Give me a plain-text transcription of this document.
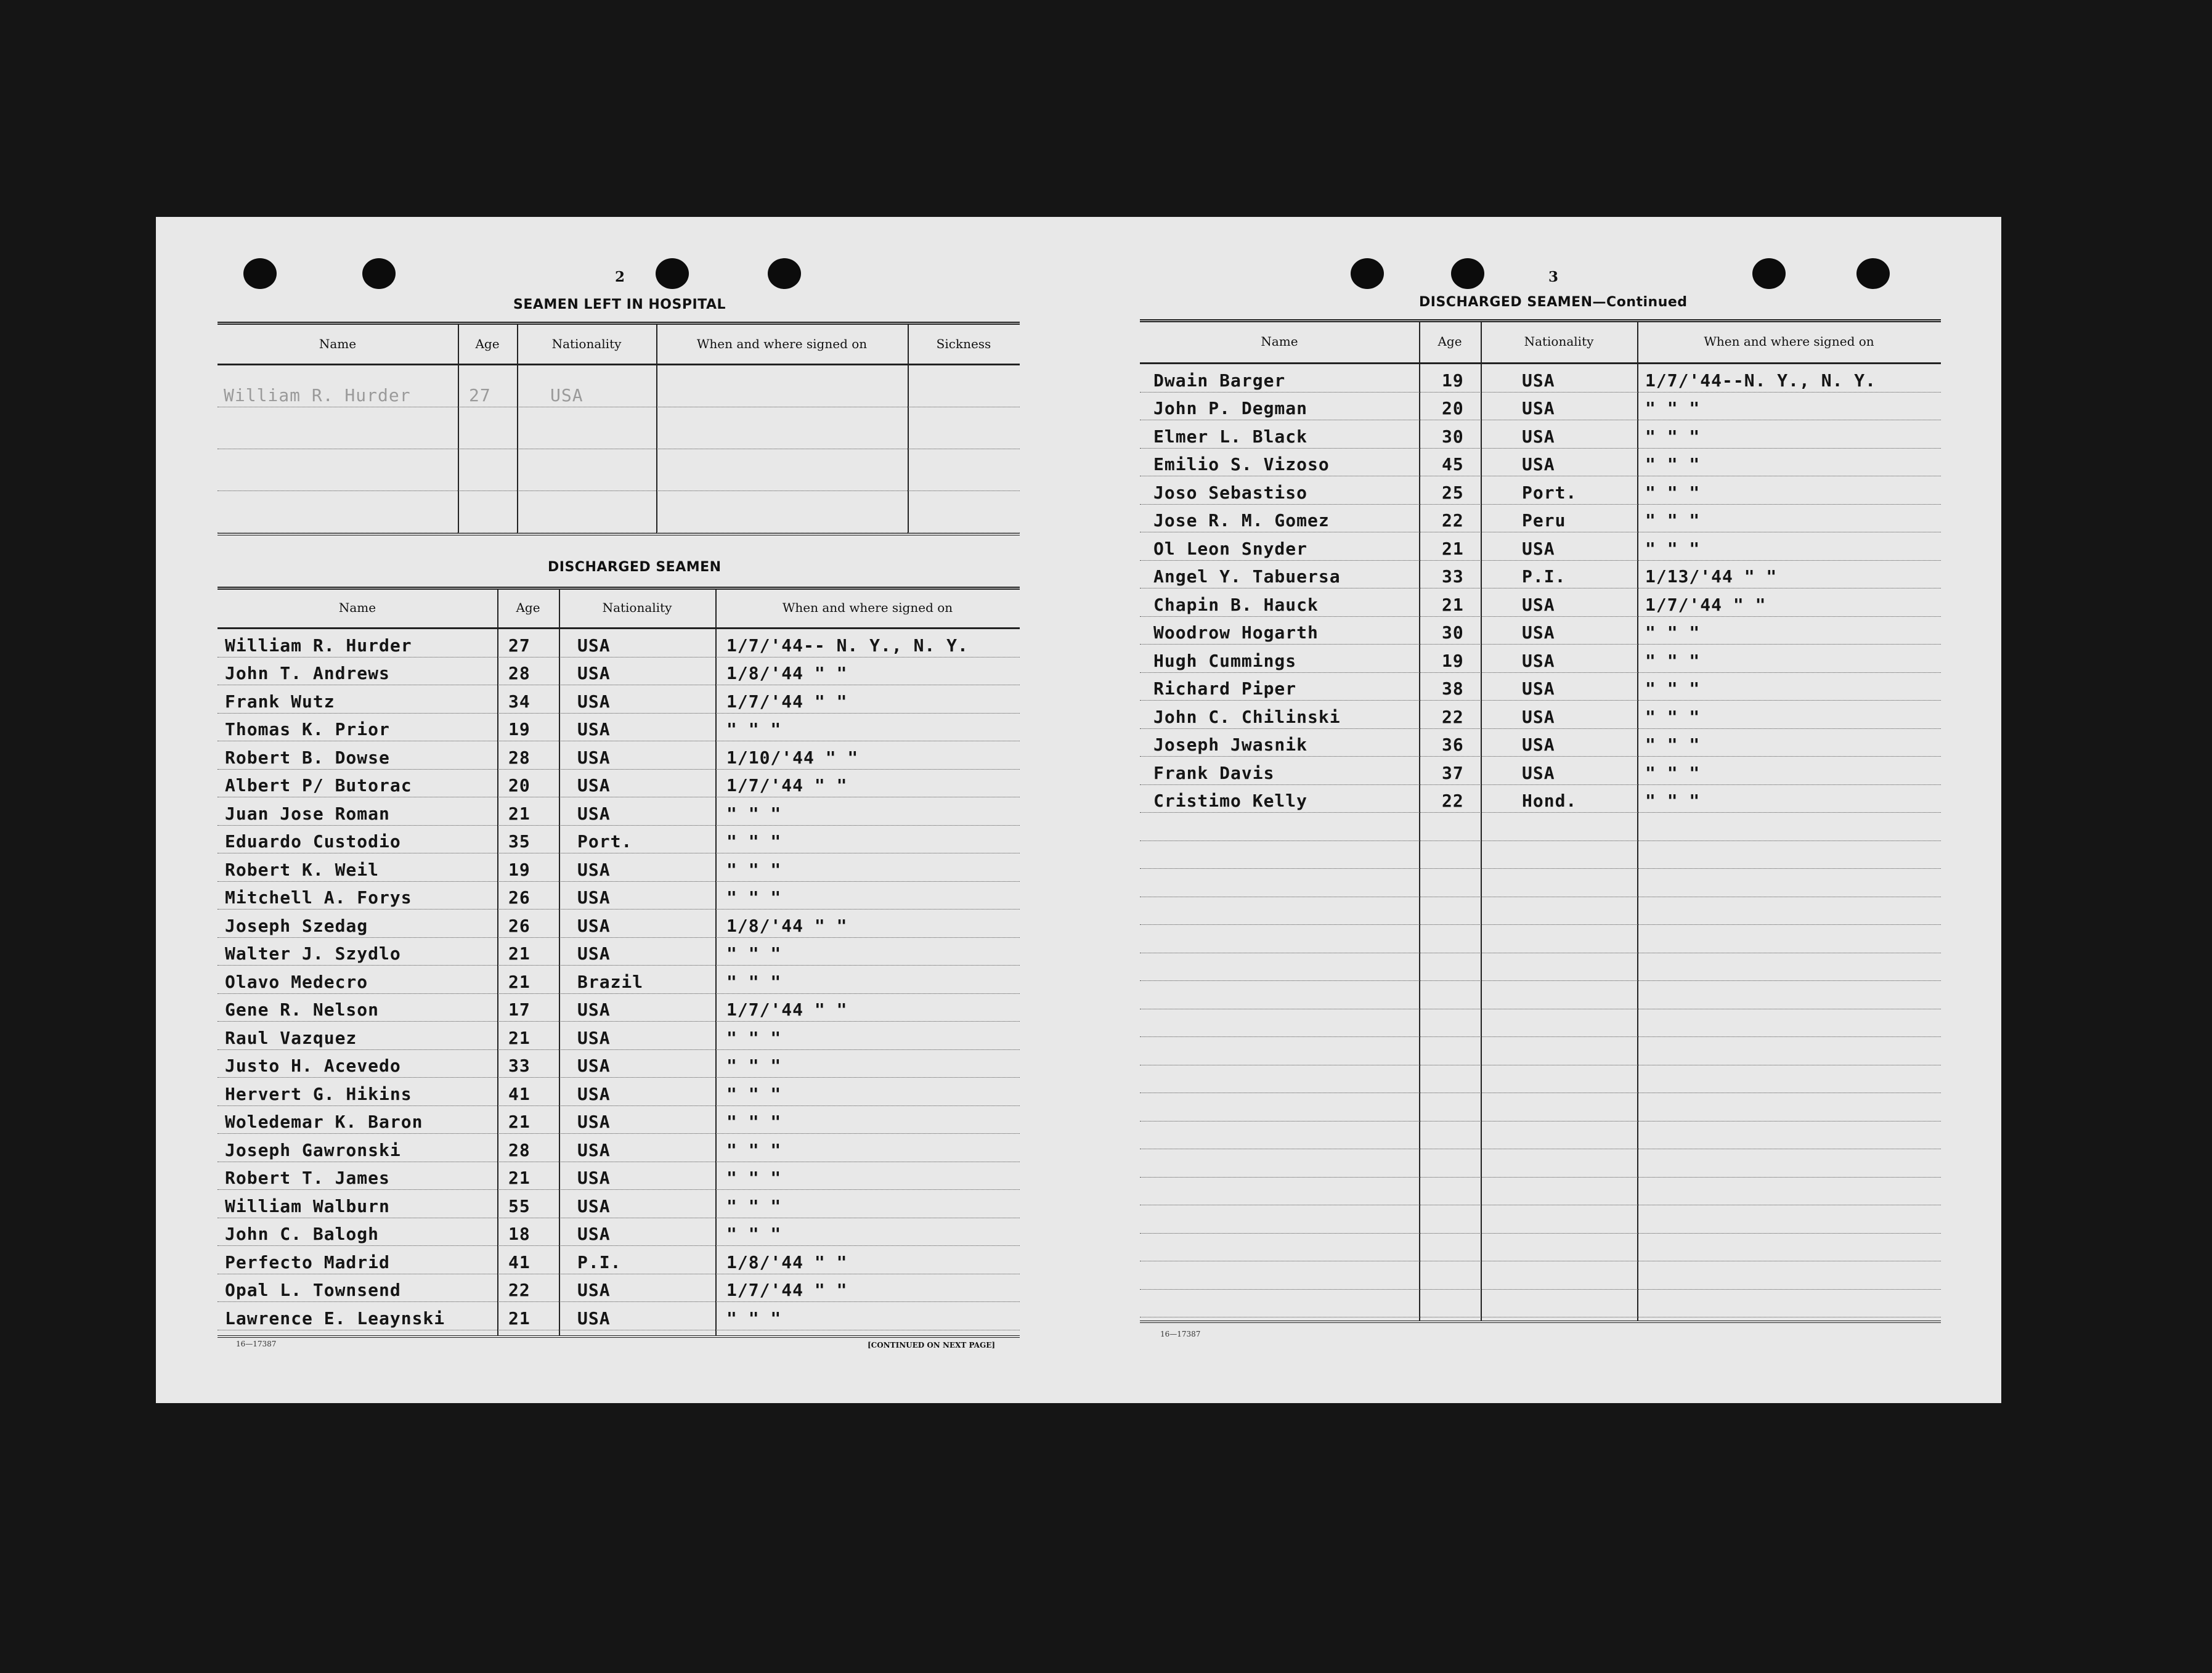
2
SEAMEN LEFT IN HOSPITAL
Name	Age	Nationality	When and where signed on	Sickness
William R. Hurder	27	USA
DISCHARGED SEAMEN
Name	Age	Nationality	When and where signed on
William R. Hurder	27	USA	1/7/'44-- N. Y., N. Y.
John T. Andrews	28	USA	1/8/'44 " "
Frank Wutz	34	USA	1/7/'44 " "
Thomas K. Prior	19	USA	" " "
Robert B. Dowse	28	USA	1/10/'44 " "
Albert P/ Butorac	20	USA	1/7/'44 " "
Juan Jose Roman	21	USA	" " "
Eduardo Custodio	35	Port.	" " "
Robert K. Weil	19	USA	" " "
Mitchell A. Forys	26	USA	" " "
Joseph Szedag	26	USA	1/8/'44 " "
Walter J. Szydlo	21	USA	" " "
Olavo Medecro	21	Brazil	" " "
Gene R. Nelson	17	USA	1/7/'44 " "
Raul Vazquez	21	USA	" " "
Justo H. Acevedo	33	USA	" " "
Hervert G. Hikins	41	USA	" " "
Woledemar K. Baron	21	USA	" " "
Joseph Gawronski	28	USA	" " "
Robert T. James	21	USA	" " "
William Walburn	55	USA	" " "
John C. Balogh	18	USA	" " "
Perfecto Madrid	41	P.I.	1/8/'44 " "
Opal L. Townsend	22	USA	1/7/'44 " "
Lawrence E. Leaynski	21	USA	" " "
16—17387	[CONTINUED ON NEXT PAGE]
3
DISCHARGED SEAMEN—Continued
Name	Age	Nationality	When and where signed on
Dwain Barger	19	USA	1/7/'44--N. Y., N. Y.
John P. Degman	20	USA	" " "
Elmer L. Black	30	USA	" " "
Emilio S. Vizoso	45	USA	" " "
Joso Sebastiso	25	Port.	" " "
Jose R. M. Gomez	22	Peru	" " "
Ol Leon Snyder	21	USA	" " "
Angel Y. Tabuersa	33	P.I.	1/13/'44 " "
Chapin B. Hauck	21	USA	1/7/'44 " "
Woodrow Hogarth	30	USA	" " "
Hugh Cummings	19	USA	" " "
Richard Piper	38	USA	" " "
John C. Chilinski	22	USA	" " "
Joseph Jwasnik	36	USA	" " "
Frank Davis	37	USA	" " "
Cristimo Kelly	22	Hond.	" " "
16—17387
